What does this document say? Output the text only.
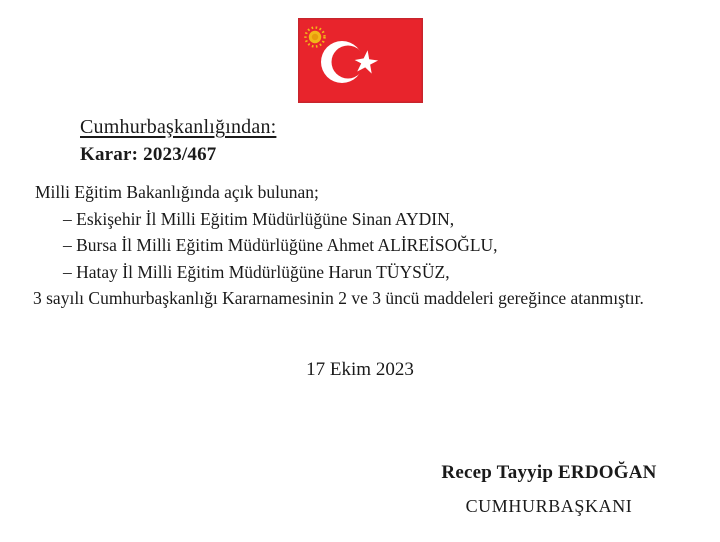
Cumhurbaşkanlığından:
Karar: 2023/467
Milli Eğitim Bakanlığında açık bulunan;
– Eskişehir İl Milli Eğitim Müdürlüğüne Sinan AYDIN,
– Bursa İl Milli Eğitim Müdürlüğüne Ahmet ALİREİSOĞLU,
– Hatay İl Milli Eğitim Müdürlüğüne Harun TÜYSÜZ,
3 sayılı Cumhurbaşkanlığı Kararnamesinin 2 ve 3 üncü maddeleri gereğince atanmıştır.
17 Ekim 2023
Recep Tayyip ERDOĞAN
CUMHURBAŞKANI
